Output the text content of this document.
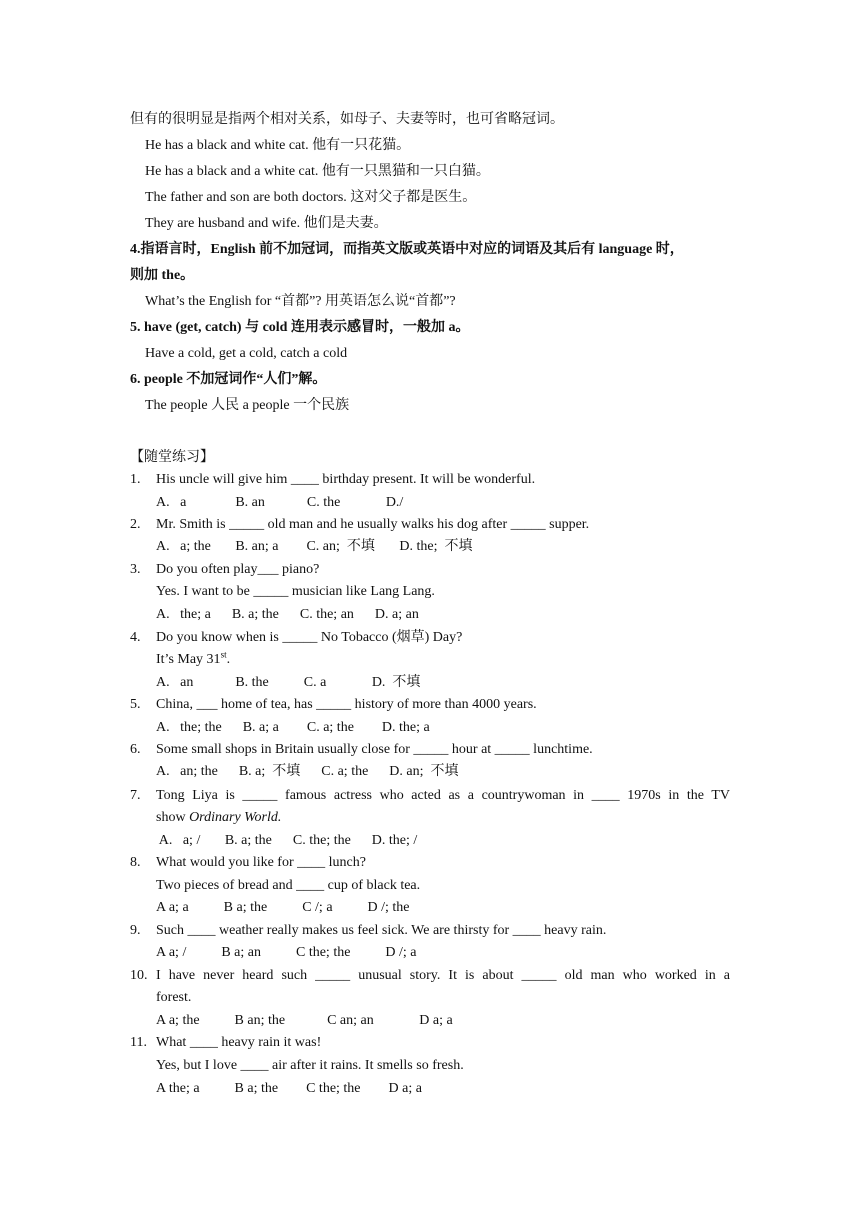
但有的很明显是指两个相对关系，如母子、夫妻等时，也可省略冠词。
He has a black and white cat. 他有一只花猫。
He has a black and a white cat. 他有一只黑猫和一只白猫。
The father and son are both doctors. 这对父子都是医生。
They are husband and wife. 他们是夫妻。
4.指语言时，English 前不加冠词，而指英文版或英语中对应的词语及其后有 language 时，
则加 the。
What’s the English for “首都”? 用英语怎么说“首都”?
5. have (get, catch) 与 cold 连用表示感冒时，一般加 a。
Have a cold, get a cold, catch a cold
6. people 不加冠词作“人们”解。
The people 人民 a people 一个民族
【随堂练习】
1. His uncle will give him ____ birthday present. It will be wonderful.
A.   a              B. an            C. the             D./
2. Mr. Smith is _____ old man and he usually walks his dog after _____ supper.
A.   a; the       B. an; a        C. an;  不填       D. the;  不填
3. Do you often play___ piano?
Yes. I want to be _____ musician like Lang Lang.
A.   the; a      B. a; the      C. the; an      D. a; an
4. Do you know when is _____ No Tobacco (烟草) Day?
It’s May 31st.
A.   an            B. the          C. a             D.  不填
5. China, ___ home of tea, has _____ history of more than 4000 years.
A.   the; the      B. a; a        C. a; the        D. the; a
6. Some small shops in Britain usually close for _____ hour at _____ lunchtime.
A.   an; the      B. a;  不填      C. a; the      D. an;  不填
7. Tong Liya is _____ famous actress who acted as a countrywoman in ____ 1970s in the TV
show Ordinary World.
A.   a; /       B. a; the      C. the; the      D. the; /
8. What would you like for ____ lunch?
Two pieces of bread and ____ cup of black tea.
A a; a          B a; the          C /; a          D /; the
9. Such ____ weather really makes us feel sick. We are thirsty for ____ heavy rain.
A a; /          B a; an          C the; the          D /; a
10. I have never heard such _____ unusual story. It is about _____ old man who worked in a
forest.
A a; the          B an; the            C an; an             D a; a
11. What ____ heavy rain it was!
Yes, but I love ____ air after it rains. It smells so fresh.
A the; a          B a; the        C the; the        D a; a
